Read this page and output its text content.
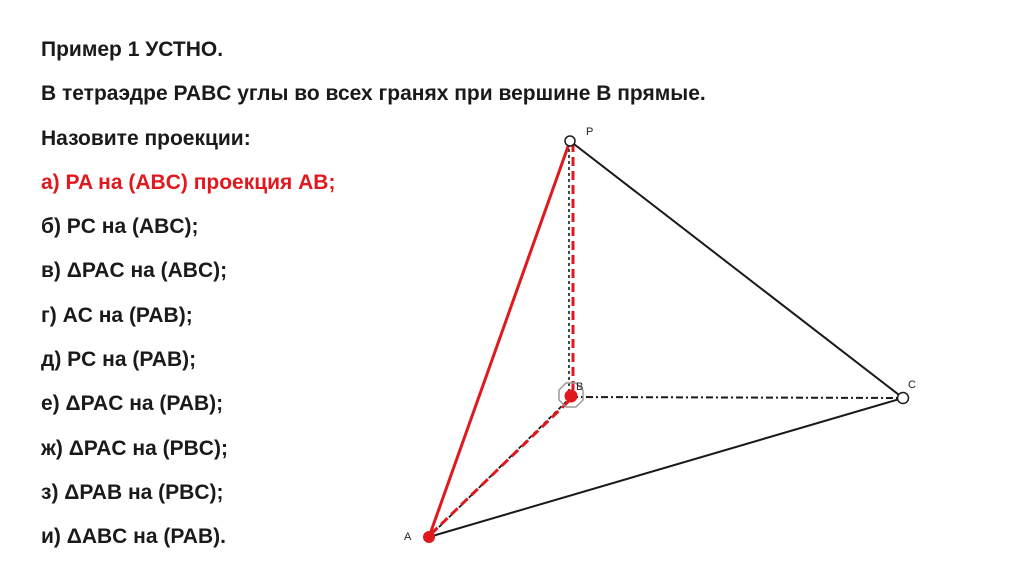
Пример 1 УСТНО.
В тетраэдре PABC углы во всех гранях при вершине B прямые.
Назовите проекции:
а) PA на (ABC) проекция AB;
б) PC на (ABC);
в) ΔPAC на (ABC);
г) AC на (PAB);
д) PC на (PAB);
е) ΔPAC на (PAB);
ж) ΔPAC на (PBC);
з) ΔPAB на (PBC);
и) ΔABC на (PAB).
P
B	C
A
